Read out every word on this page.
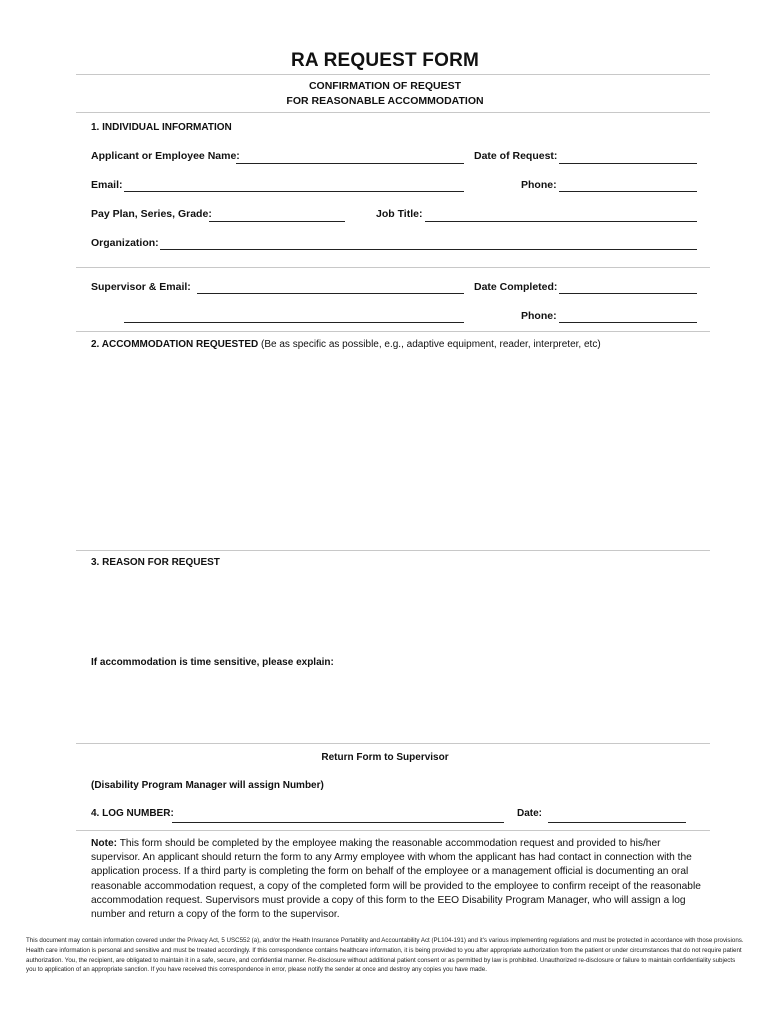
RA REQUEST FORM
CONFIRMATION OF REQUEST
FOR REASONABLE ACCOMMODATION
1. INDIVIDUAL INFORMATION
Applicant or Employee Name:	Date of Request:
Email:	Phone:
Pay Plan, Series, Grade:	Job Title:
Organization:
Supervisor & Email:	Date Completed:
Phone:
2. ACCOMMODATION REQUESTED (Be as specific as possible, e.g., adaptive equipment, reader, interpreter, etc)
3. REASON FOR REQUEST
If accommodation is time sensitive, please explain:
Return Form to Supervisor
(Disability Program Manager will assign Number)
4. LOG NUMBER:	Date:
Note: This form should be completed by the employee making the reasonable accommodation request and provided to his/her supervisor. An applicant should return the form to any Army employee with whom the applicant has had contact in connection with the application process. If a third party is completing the form on behalf of the employee or a management official is documenting an oral reasonable accommodation request, a copy of the completed form will be provided to the employee to confirm receipt of the reasonable accommodation request. Supervisors must provide a copy of this form to the EEO Disability Program Manager, who will assign a log number and return a copy of the form to the supervisor.
This document may contain information covered under the Privacy Act, 5 USC552 (a), and/or the Health Insurance Portability and Accountability Act (PL104-191) and it's various implementing regulations and must be protected in accordance with those provisions. Health care information is personal and sensitive and must be treated accordingly. If this correspondence contains healthcare information, it is being provided to you after appropriate authorization from the patient or under circumstances that do not require patient authorization. You, the recipient, are obligated to maintain it in a safe, secure, and confidential manner. Re-disclosure without additional patient consent or as permitted by law is prohibited. Unauthorized re-disclosure or failure to maintain confidentiality subjects you to application of an appropriate sanction. If you have received this correspondence in error, please notify the sender at once and destroy any copies you have made.
